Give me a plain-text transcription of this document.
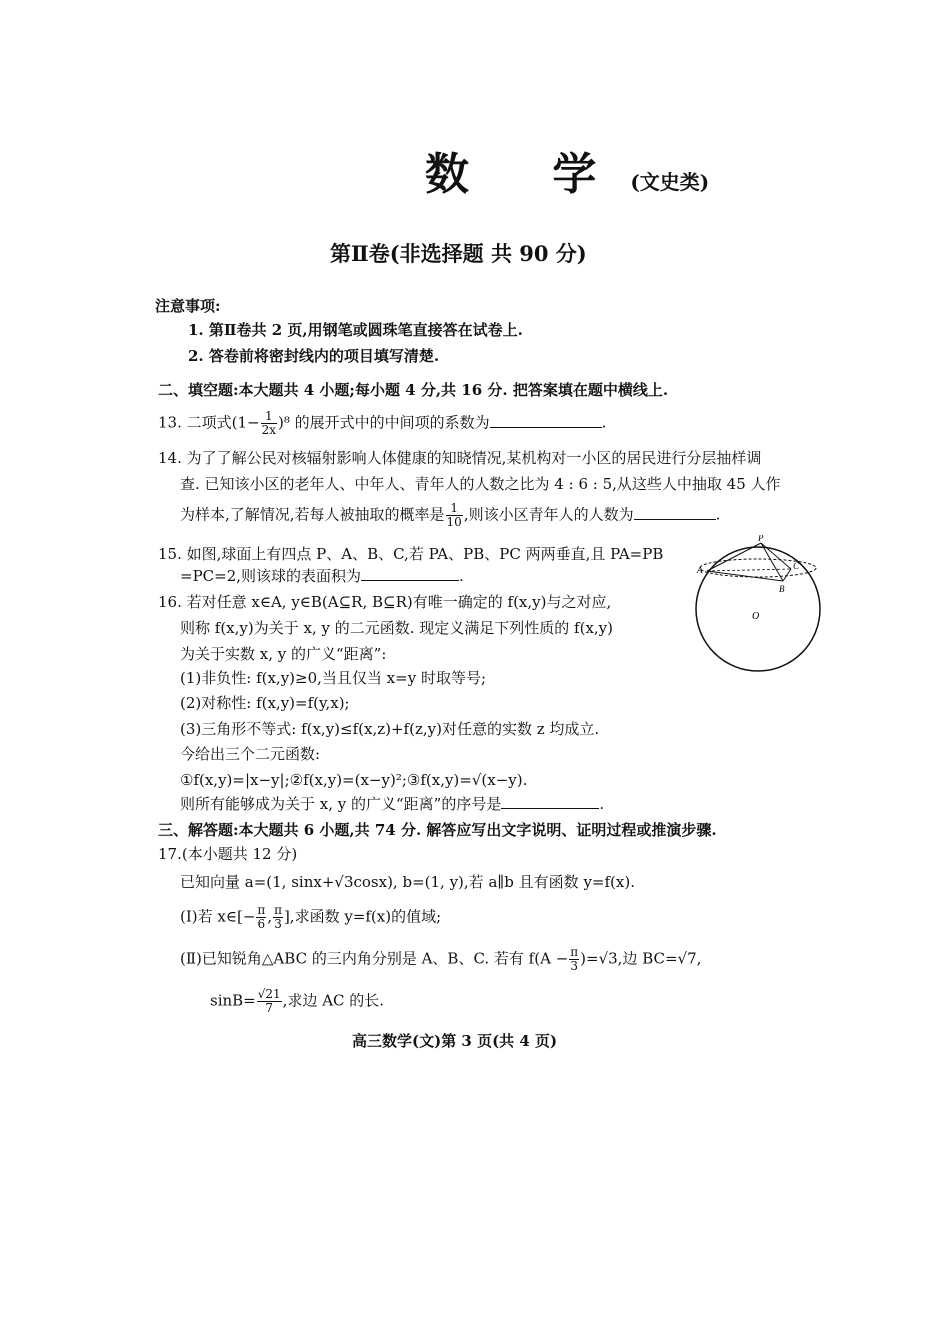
数 学(文史类)
第Ⅱ卷(非选择题 共 90 分)
注意事项:
1. 第Ⅱ卷共 2 页,用钢笔或圆珠笔直接答在试卷上.
2. 答卷前将密封线内的项目填写清楚.
二、填空题:本大题共 4 小题;每小题 4 分,共 16 分. 把答案填在题中横线上.
13. 二项式$(1- \frac{1}{2x} )^8$ 的展开式中的中间项的系数为	.
14. 为了了解公民对核辐射影响人体健康的知晓情况,某机构对一小区的居民进行分层抽样调
查. 已知该小区的老年人、中年人、青年人的人数之比为 4 : 6 : 5,从这些人中抽取 45 人作
为样本,了解情况,若每人被抽取的概率是 $\frac{1}{10}$ ,则该小区青年人的人数为	.
15. 如图,球面上有四点 P、A、B、C,若 PA、PB、PC 两两垂直,且 PA=PB
=PC=2,则该球的表面积为	.
16. 若对任意 x∈A, y∈B(A⊆R, B⊆R)有唯一确定的 f(x,y)与之对应,
则称 f(x,y)为关于 x, y 的二元函数. 现定义满足下列性质的 f(x,y)
为关于实数 x, y 的广义“距离”:
(1)非负性: f(x,y)≥0,当且仅当 x=y 时取等号;
(2)对称性: f(x,y)=f(y,x);
(3)三角形不等式: f(x,y)≤f(x,z)+f(z,y)对任意的实数 z 均成立.
今给出三个二元函数:
①f(x,y)=|x−y|;②f(x,y)=(x−y)²;③f(x,y)=√(x−y).
则所有能够成为关于 x, y 的广义“距离”的序号是	.
三、解答题:本大题共 6 小题,共 74 分. 解答应写出文字说明、证明过程或推演步骤.
17.(本小题共 12 分)
已知向量 a=(1, sinx+√3cosx), b=(1, y),若 a∥b 且有函数 y=f(x).
(Ⅰ)若 x∈[− $\frac{\pi}{6}$ , $\frac{\pi}{3}$ ],求函数 y=f(x)的值域;
(Ⅱ)已知锐角△ABC 的三内角分别是 A、B、C. 若有 $f(A - \frac{\pi}{3} )=√3$,边 BC=√7,
$\sin B= \frac{√21}{7}$ ,求边 AC 的长.
高三数学(文)第 3 页(共 4 页)
P
A
B
C
O
